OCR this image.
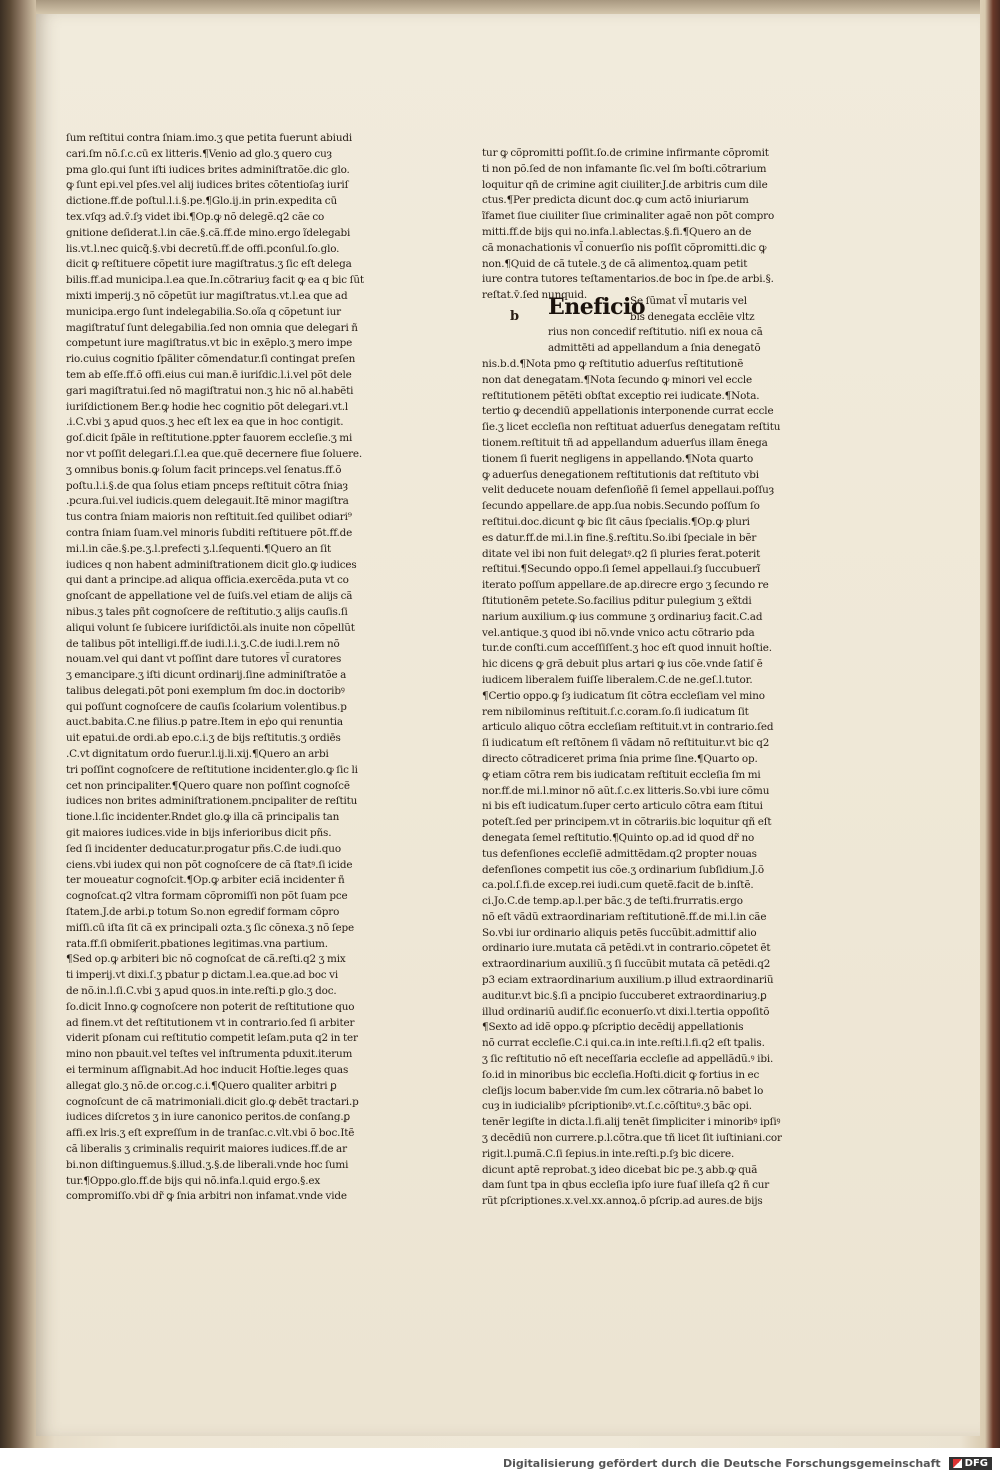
ſum reſtitui contra ſniam.imo.ʒ que petita fuerunt abiudi
cari.ſm nõ.ſ.c.cū ex litteris.¶Venio ad glo.ʒ quero cuȝ
pma glo.qui ſunt iſti iudices brites adminiſtratõe.dic glo.
ꝙ ſunt epi.vel pſes.vel alij iudices brites cõtentioſaȝ iuriſ
dictione.ff.de poſtul.l.i.§.pe.¶Glo.ij.in prin.expedita cū
tex.vſqȝ ad.v̄.ſȝ videt ibi.¶Op.ꝙ nõ delegẽ.q2 cãe co
gnitione deſiderat.l.in cãe.§.cã.ff.de mino.ergo ĩdelegabi
lis.vt.l.nec quicq̃.§.vbi decretū.ff.de offi.pconſul.ſo.glo.
dicit ꝙ reſtituere cõpetit iure magiſtratus.ʒ ſic eſt delega
bilis.ff.ad municipa.l.ea que.In.cõtrariuȝ facit ꝙ ea q bic ſũt
mixti imperij.ʒ nõ cõpetũt iur magiſtratus.vt.l.ea que ad
municipa.ergo ſunt indelegabilia.So.oĩa q cõpetunt iur
magiſtratuſ ſunt delegabilia.ſed non omnia que delegari ñ
competunt iure magiſtratus.vt bic in exẽplo.ʒ mero impe
rio.cuius cognitio ſpãliter cõmendatur.ſi contingat preſen
tem ab eſſe.ff.õ offi.eius cui man.ē iuriſdic.l.i.vel põt dele
gari magiſtratui.ſed nõ magiſtratui non.ʒ hic nõ al.habẽti
iuriſdictionem Ber.ꝙ hodie hec cognitio põt delegari.vt.l
.i.C.vbi ʒ apud quos.ʒ hec eſt lex ea que in hoc contigit.
goſ.dicit ſpãle in reſtitutione.pꝑter fauorem eccleſie.ʒ mi
nor vt poſſit delegari.ſ.l.ea que.quẽ decernere fiue ſoluere.
ʒ omnibus bonis.ꝙ ſolum facit princeps.vel ſenatus.ff.õ
poſtu.l.i.§.de qua ſolus etiam pnceps reſtituit cõtra ſniaȝ
.pcura.ſui.vel iudicis.quem delegauit.Itẽ minor magiſtra
tus contra ſniam maioris non reſtituit.ſed quilibet odiari⁹
contra ſniam ſuam.vel minoris ſubditi reſtituere põt.ff.de
mi.l.in cãe.§.pe.ʒ.l.prefecti ʒ.l.ſequenti.¶Quero an ſit
iudices q non habent adminiſtrationem dicit glo.ꝙ iudices
qui dant a principe.ad aliqua officia.exercẽda.puta vt co
gnoſcant de appellatione vel de ſuiſs.vel etiam de alijs cã
nibus.ʒ tales pñt cognoſcere de reſtitutio.ʒ alijs cauſis.ſi
aliqui volunt ſe ſubicere iuriſdictõi.als inuite non cõpellũt
de talibus põt intelligi.ff.de iudi.l.i.ʒ.C.de iudi.l.rem nõ
nouam.vel qui dant vt poſſint dare tutores vl̃ curatores
ʒ emancipare.ʒ iſti dicunt ordinarij.ſine adminiſtratõe a
talibus delegati.põt poni exemplum ſm doc.in doctoribꝰ
qui poſſunt cognoſcere de cauſis ſcolarium volentibus.p
auct.babita.C.ne filius.p patre.Item in eṗo qui renuntia
uit epatui.de ordi.ab epo.c.i.ʒ de bijs reſtitutis.ʒ ordiēs
.C.vt dignitatum ordo fuerur.l.ij.li.xij.¶Quero an arbi
tri poſſint cognoſcere de reſtitutione incidenter.glo.ꝙ ſic li
cet non principaliter.¶Quero quare non poſſint cognoſcẽ
iudices non brites adminiſtrationem.pncipaliter de reſtitu
tione.l.ſic incidenter.Rndet glo.ꝙ illa cã principalis tan
git maiores iudices.vide in bijs inferioribus dicit pñs.
ſed ſi incidenter deducatur.progatur pñs.C.de iudi.quo
ciens.vbi iudex qui non põt cognoſcere de cã ſtatꝰ.ſi icide
ter moueatur cognoſcit.¶Op.ꝙ arbiter eciã incidenter ñ
cognoſcat.q2 vltra formam cõpromiſſi non põt ſuam pce
ſtatem.J.de arbi.p totum So.non egredif formam cõpro
miſſi.cū iſta ſit cã ex principali ozta.ʒ ſic cõnexa.ʒ nõ ſepe
rata.ff.ſi obmiſerit.pbationes legitimas.vna partium.
¶Sed op.ꝙ arbiteri bic nõ cognoſcat de cã.reſti.q2 ʒ mix
ti imperij.vt dixi.ſ.ʒ pbatur p dictam.l.ea.que.ad boc vi
de nõ.in.l.ſi.C.vbi ʒ apud quos.in inte.reſti.p glo.ʒ doc.
ſo.dicit Inno.ꝙ cognoſcere non poterit de reſtitutione quo
ad finem.vt det reſtitutionem vt in contrario.ſed ſi arbiter
viderit pſonam cui reſtitutio competit leſam.puta q2 in ter
mino non pbauit.vel teſtes vel inſtrumenta pduxit.iterum
ei terminum aſſignabit.Ad hoc inducit Hoſtie.leges quas
allegat glo.ʒ nõ.de or.cog.c.i.¶Quero qualiter arbitri ꝑ
cognoſcunt de cã matrimoniali.dicit glo.ꝙ debẽt tractari.p
iudices diſcretos ʒ in iure canonico peritos.de conſang.ꝑ
affi.ex lris.ʒ eſt expreſſum in de tranſac.c.vlt.vbi õ boc.Itẽ
cã liberalis ʒ criminalis requirit maiores iudices.ff.de ar
bi.non diſtinguemus.§.illud.ʒ.§.de liberali.vnde hoc ſumi
tur.¶Oppo.glo.ff.de bijs qui nõ.infa.l.quid ergo.§.ex
compromiſſo.vbi dr̃ ꝙ ſnia arbitri non infamat.vnde vide
tur ꝙ cõpromitti poſſit.ſo.de crimine infirmante cõpromit
ti non põ.ſed de non infamante ſic.vel ſm boſti.cõtrarium
loquitur qñ de crimine agit ciuiliter.J.de arbitris cum dile
ctus.¶Per predicta dicunt doc.ꝙ cum actõ iniuriarum
ĩfamet ſiue ciuiliter ſiue criminaliter agaẽ non põt compro
mitti.ff.de bijs qui no.infa.l.ablectas.§.fi.¶Quero an de
cã monachationis vl̃ conuerſio nis poſſit cõpromitti.dic ꝙ
non.¶Quid de cã tutele.ʒ de cã alimentoꝝ.quam petit
iure contra tutores teſtamentarios.de boc in ſpe.de arbi.§.
reſtat.v̄.ſed nunquid.
b Eneficio
Se ſũmat vl̃ mutaris vel
bis denegata ecclẽie vltz
rius non concedif reſtitutio. niſi ex noua cã
admittēti ad appellandum a ſnia denegatõ
nis.b.d.¶Nota pmo ꝙ reſtitutio aduerſus reſtitutionẽ
non dat denegatam.¶Nota ſecundo ꝙ minori vel eccle
reſtitutionem pẽtẽti obſtat exceptio rei iudicate.¶Nota.
tertio ꝙ decendiū appellationis interponende currat eccle
ſie.ʒ licet eccleſia non reſtituat aduerſus denegatam reſtitu
tionem.reſtituit tñ ad appellandum aduerſus illam ẽnega
tionem ſi fuerit negligens in appellando.¶Nota quarto
ꝙ aduerſus denegationem reſtitutionis dat reſtituto vbi
velit deducete nouam defenſioñẽ ſi ſemel appellaui.poſſuȝ
ſecundo appellare.de app.ſua nobis.Secundo poſſum ſo
reſtitui.doc.dicunt ꝙ bic ſit cãus ſpecialis.¶Op.ꝙ pluri
es datur.ff.de mi.l.in fine.§.reſtitu.So.ibi ſpeciale in bẽr
ditate vel ibi non fuit delegatꝰ.q2 ſi pluries ferat.poterit
reſtitui.¶Secundo oppo.ſi ſemel appellaui.ſȝ ſuccubuerĩ
iterato poſſum appellare.de ap.direcre ergo ʒ ſecundo re
ſtitutionẽm petete.So.facilius pditur pulegium ʒ ex̃tdi
narium auxilium.ꝙ ius commune ʒ ordinariuȝ facit.C.ad
vel.antique.ʒ quod ibi nõ.vnde vnico actu cõtrario pda
tur.de conſti.cum acceſſiſſent.ʒ hoc eſt quod innuit hoſtie.
hic dicens ꝙ grã debuit plus artari ꝙ ius cõe.vnde ſatiſ ẽ
iudicem liberalem fuiſſe liberalem.C.de ne.geſ.l.tutor.
¶Certio oppo.ꝙ ſȝ iudicatum ſit cõtra eccleſiam vel mino
rem nibilominus reſtituit.ſ.c.coram.ſo.ſi iudicatum ſit
articulo aliquo cõtra eccleſiam reſtituit.vt in contrario.ſed
ſi iudicatum eſt reſtõnem ſi vãdam nõ reſtituitur.vt bic q2
directo cõtradiceret prima ſnia prime ſine.¶Quarto op.
ꝙ etiam cõtra rem bis iudicatam reſtituit eccleſia ſm mi
nor.ff.de mi.l.minor nõ aũt.ſ.c.ex litteris.So.vbi iure cõmu
ni bis eſt iudicatum.ſuper certo articulo cõtra eam ſtitui
poteſt.ſed per principem.vt in cõtrariis.bic loquitur qñ eſt
denegata ſemel reſtitutio.¶Quinto op.ad id quod dr̃ no
tus defenſiones eccleſiẽ admittẽdam.q2 propter nouas
defenſiones competit ius cõe.ʒ ordinarium ſubſidium.J.õ
ca.pol.ſ.fi.de excep.rei iudi.cum quetẽ.facit de b.inſtẽ.
ci.Jo.C.de temp.ap.l.per bãc.ʒ de teſti.frurratis.ergo
nõ eſt vãdũ extraordinariam reſtitutionẽ.ff.de mi.l.in cãe
So.vbi iur ordinario aliquis petẽs ſuccũbit.admittif alio
ordinario iure.mutata cã petẽdi.vt in contrario.cõpetet ẽt
extraordinarium auxiliũ.ʒ ſi ſuccũbit mutata cã petẽdi.q2
p3 eciam extraordinarium auxilium.p illud extraordinariũ
auditur.vt bic.§.ſi a pncipio ſuccuberet extraordinariuȝ.ꝑ
illud ordinariũ audif.ſic econuerſo.vt dixi.l.tertia oppoſitõ
¶Sexto ad idẽ oppo.ꝙ pſcriptio decẽdij appellationis
nõ currat eccleſie.C.i qui.ca.in inte.reſti.l.fi.q2 eſt tpalis.
ʒ ſic reſtitutio nõ eſt neceſſaria eccleſie ad appellãdũ.ꝰ ibi.
ſo.id in minoribus bic eccleſia.Hoſti.dicit ꝙ fortius in ec
cleſijs locum baber.vide ſm cum.lex cõtraria.nõ babet lo
cuȝ in iudicialibꝰ pſcriptionibꝰ.vt.ſ.c.cõſtituꝰ.ʒ bãc opi.
tenẽr legiſte in dicta.l.fi.alij tenẽt ſimpliciter i minoribꝰ ipſiꝰ
ʒ decẽdiũ non currere.p.l.cõtra.que tñ licet ſit iuſtiniani.cor
rigit.l.pumã.C.ſi ſepius.in inte.reſti.p.ſȝ bic dicere.
dicunt aptẽ reprobat.ʒ ideo dicebat bic pe.ʒ abb.ꝙ quã
dam ſunt tpa in qbus eccleſia ipſo iure fuaſ illeſa q2 ñ cur
rũt pſcriptiones.x.vel.xx.annoꝝ.õ pſcrip.ad aures.de bijs
Digitalisierung gefördert durch die Deutsche Forschungsgemeinschaft DFG
